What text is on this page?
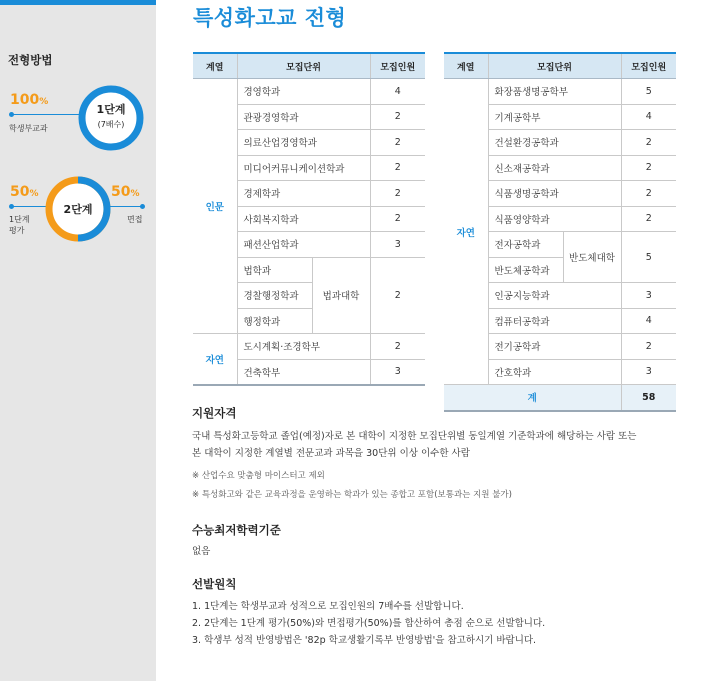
전형방법
100%
학생부교과
1단계
(7배수)
50%
1단계
평가
2단계
50%
면접
특성화고교 전형
계열	모집단위		모집인원
인문	경영학과		4
	관광경영학과		2
	의료산업경영학과		2
	미디어커뮤니케이션학과		2
	경제학과		2
	사회복지학과		2
	패션산업학과		3
	법학과	법과대학	2
	경찰행정학과		
	행정학과		
자연	도시계획·조경학부		2
	건축학부		3
계열	모집단위		모집인원
자연	화장품생명공학부		5
	기계공학부		4
	건설환경공학과		2
	신소재공학과		2
	식품생명공학과		2
	식품영양학과		2
	전자공학과	반도체대학	5
	반도체공학과		
	인공지능학과		3
	컴퓨터공학과		4
	전기공학과		2
	간호학과		3
계			58
지원자격
국내 특성화고등학교 졸업(예정)자로 본 대학이 지정한 모집단위별 동일계열 기준학과에 해당하는 사람 또는
본 대학이 지정한 계열별 전문교과 과목을 30단위 이상 이수한 사람
※ 산업수요 맞춤형 마이스터고 제외
※ 특성화고와 같은 교육과정을 운영하는 학과가 있는 종합고 포함(보통과는 지원 불가)
수능최저학력기준
없음
선발원칙
1. 1단계는 학생부교과 성적으로 모집인원의 7배수를 선발합니다.
2. 2단계는 1단계 평가(50%)와 면접평가(50%)를 합산하여 총점 순으로 선발합니다.
3. 학생부 성적 반영방법은 '82p 학교생활기록부 반영방법'을 참고하시기 바랍니다.
